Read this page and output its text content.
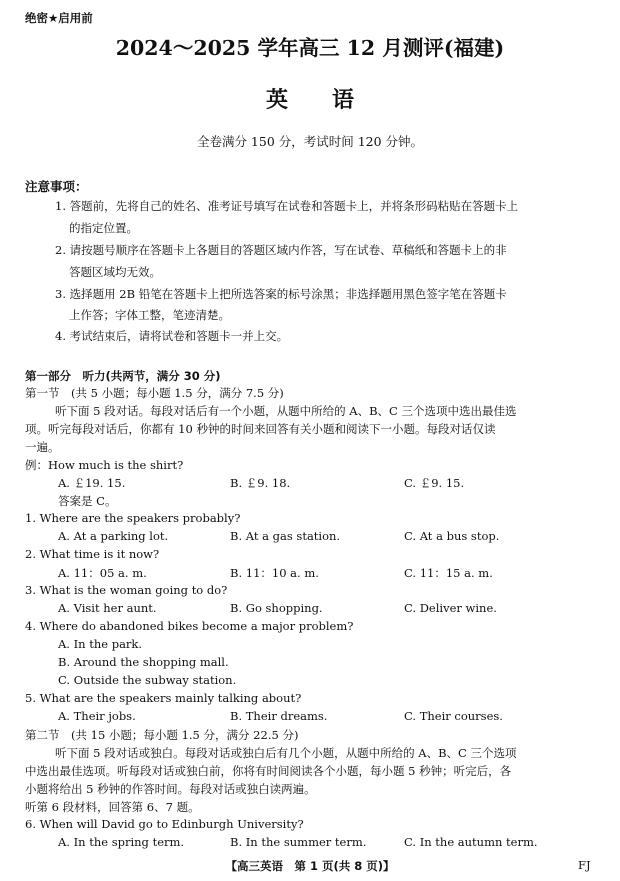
绝密★启用前
2024～2025 学年高三 12 月测评(福建)
英　　语
全卷满分 150 分，考试时间 120 分钟。
注意事项：
1. 答题前，先将自己的姓名、准考证号填写在试卷和答题卡上，并将条形码粘贴在答题卡上
的指定位置。
2. 请按题号顺序在答题卡上各题目的答题区域内作答，写在试卷、草稿纸和答题卡上的非
答题区域均无效。
3. 选择题用 2B 铅笔在答题卡上把所选答案的标号涂黑；非选择题用黑色签字笔在答题卡
上作答；字体工整，笔迹清楚。
4. 考试结束后，请将试卷和答题卡一并上交。
第一部分　听力(共两节，满分 30 分)
第一节　(共 5 小题；每小题 1.5 分，满分 7.5 分)
听下面 5 段对话。每段对话后有一个小题，从题中所给的 A、B、C 三个选项中选出最佳选
项。听完每段对话后，你都有 10 秒钟的时间来回答有关小题和阅读下一小题。每段对话仅读
一遍。
例：How much is the shirt?
A. ￡19. 15.	B. ￡9. 18.	C. ￡9. 15.
答案是 C。
1. Where are the speakers probably?
A. At a parking lot.	B. At a gas station.	C. At a bus stop.
2. What time is it now?
A. 11：05 a. m.	B. 11：10 a. m.	C. 11：15 a. m.
3. What is the woman going to do?
A. Visit her aunt.	B. Go shopping.	C. Deliver wine.
4. Where do abandoned bikes become a major problem?
A. In the park.
B. Around the shopping mall.
C. Outside the subway station.
5. What are the speakers mainly talking about?
A. Their jobs.	B. Their dreams.	C. Their courses.
第二节　(共 15 小题；每小题 1.5 分，满分 22.5 分)
听下面 5 段对话或独白。每段对话或独白后有几个小题，从题中所给的 A、B、C 三个选项
中选出最佳选项。听每段对话或独白前，你将有时间阅读各个小题，每小题 5 秒钟；听完后，各
小题将给出 5 秒钟的作答时间。每段对话或独白读两遍。
听第 6 段材料，回答第 6、7 题。
6. When will David go to Edinburgh University?
A. In the spring term.	B. In the summer term.	C. In the autumn term.
【高三英语　第 1 页(共 8 页)】	FJ
